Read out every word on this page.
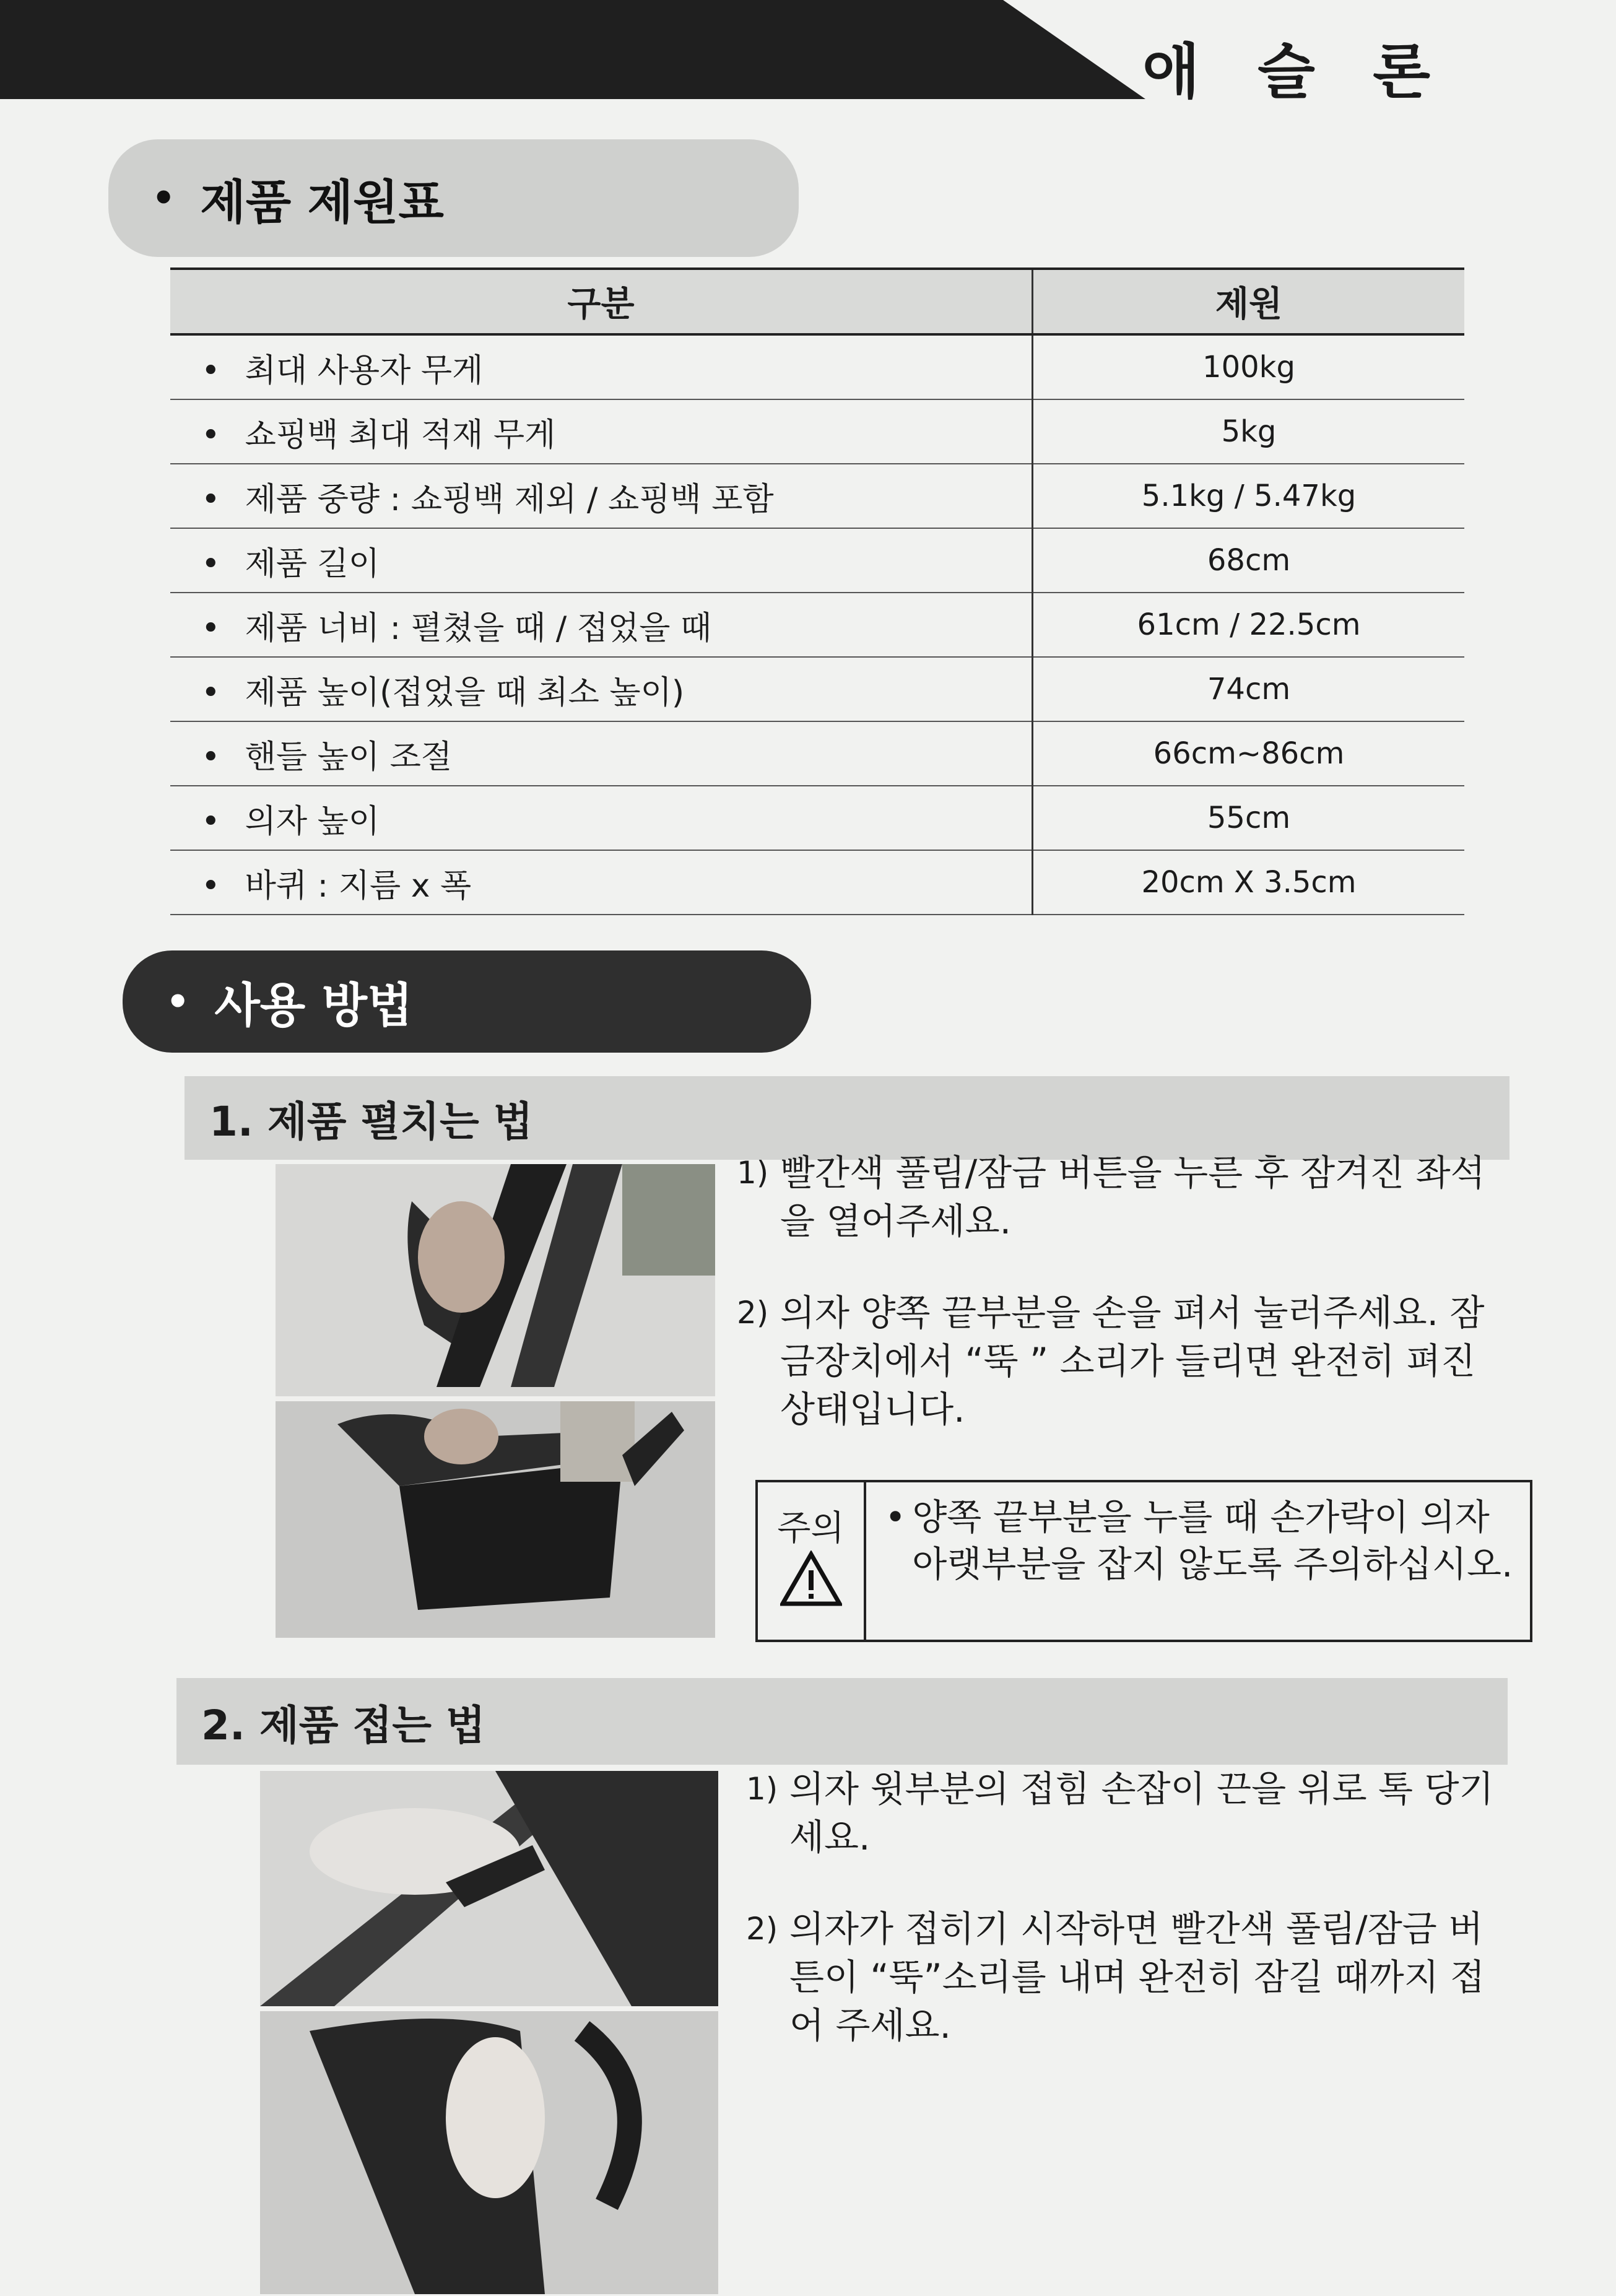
애 슬 론
• 제품 제원표
구분	제원
• 최대 사용자 무게	100kg
• 쇼핑백 최대 적재 무게	5kg
• 제품 중량 : 쇼핑백 제외 / 쇼핑백 포함	5.1kg / 5.47kg
• 제품 길이	68cm
• 제품 너비 : 펼쳤을 때 / 접었을 때	61cm / 22.5cm
• 제품 높이(접었을 때 최소 높이)	74cm
• 핸들 높이 조절	66cm~86cm
• 의자 높이	55cm
• 바퀴 : 지름 x 폭	20cm X 3.5cm
• 사용 방법
1. 제품 펼치는 법
1) 빨간색 풀림/잠금 버튼을 누른 후 잠겨진 좌석을 열어주세요.
2) 의자 양쪽 끝부분을 손을 펴서 눌러주세요. 잠금장치에서 “뚝 ” 소리가 들리면 완전히 펴진 상태입니다.
주의 • 양쪽 끝부분을 누를 때 손가락이 의자 아랫부분을 잡지 않도록 주의하십시오.
2. 제품 접는 법
1) 의자 윗부분의 접힘 손잡이 끈을 위로 톡 당기세요.
2) 의자가 접히기 시작하면 빨간색 풀림/잠금 버튼이 “뚝”소리를 내며 완전히 잠길 때까지 접어 주세요.
